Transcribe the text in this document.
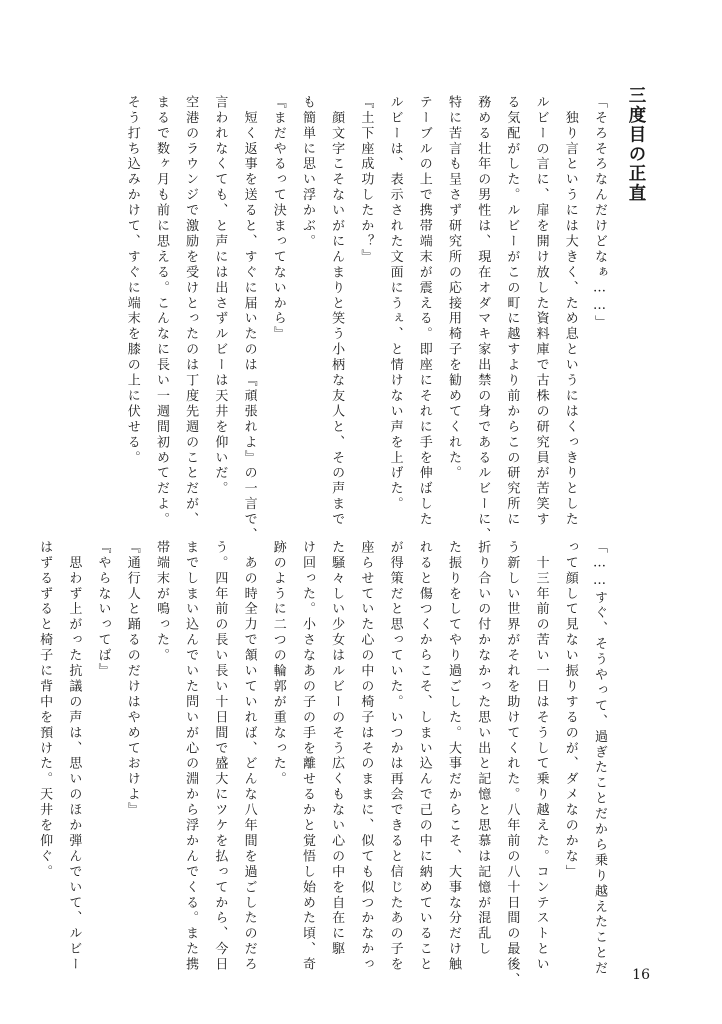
三度目の正直
「そろそろなんだけどなぁ……」
　独り言というには大きく、ため息というにはくっきりとした
ルビーの言に、扉を開け放した資料庫で古株の研究員が苦笑す
る気配がした。ルビーがこの町に越すより前からこの研究所に
務める壮年の男性は、現在オダマキ家出禁の身であるルビーに、
特に苦言も呈さず研究所の応接用椅子を勧めてくれた。
テーブルの上で携帯端末が震える。即座にそれに手を伸ばした
ルビーは、表示された文面にうぇ、と情けない声を上げた。
『土下座成功したか？』
　顔文字こそないがにんまりと笑う小柄な友人と、その声まで
も簡単に思い浮かぶ。
『まだやるって決まってないから』
　短く返事を送ると、すぐに届いたのは『頑張れよ』の一言で、
言われなくても、と声には出さずルビーは天井を仰いだ。
空港のラウンジで激励を受けとったのは丁度先週のことだが、
まるで数ヶ月も前に思える。こんなに長い一週間初めてだよ。
そう打ち込みかけて、すぐに端末を膝の上に伏せる。
「……すぐ、そうやって、過ぎたことだから乗り越えたことだ
って顔して見ない振りするのが、ダメなのかな」
　十三年前の苦い一日はそうして乗り越えた。コンテストとい
う新しい世界がそれを助けてくれた。八年前の八十日間の最後、
折り合いの付かなかった思い出と記憶と思慕は記憶が混乱し
た振りをしてやり過ごした。大事だからこそ、大事な分だけ触
れると傷つくからこそ、しまい込んで己の中に納めていること
が得策だと思っていた。いつかは再会できると信じたあの子を
座らせていた心の中の椅子はそのままに、似ても似つかなかっ
た騒々しい少女はルビーのそう広くもない心の中を自在に駆
け回った。小さなあの子の手を離せるかと覚悟し始めた頃、奇
跡のように二つの輪郭が重なった。
　あの時全力で頷いていれば、どんな八年間を過ごしたのだろ
う。四年前の長い長い十日間で盛大にツケを払ってから、今日
までしまい込んでいた問いが心の淵から浮かんでくる。また携
帯端末が鳴った。
『通行人と踊るのだけはやめておけよ』
『やらないってば』
　思わず上がった抗議の声は、思いのほか弾んでいて、ルビー
はずるずると椅子に背中を預けた。天井を仰ぐ。
16
